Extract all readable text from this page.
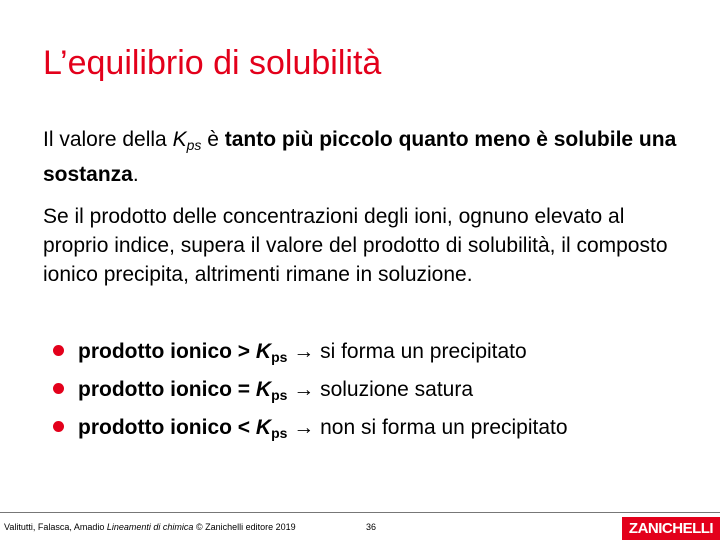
L’equilibrio di solubilità
Il valore della $K_{ps}$ è tanto più piccolo quanto meno è solubile una sostanza.
Se il prodotto delle concentrazioni degli ioni, ognuno elevato al proprio indice, supera il valore del prodotto di solubilità, il composto ionico precipita, altrimenti rimane in soluzione.
prodotto ionico > $K_{ps}$ → si forma un precipitato
prodotto ionico = $K_{ps}$ → soluzione satura
prodotto ionico < $K_{ps}$ → non si forma un precipitato
Valitutti, Falasca, Amadio Lineamenti di chimica © Zanichelli editore 2019	36	ZANICHELLI
